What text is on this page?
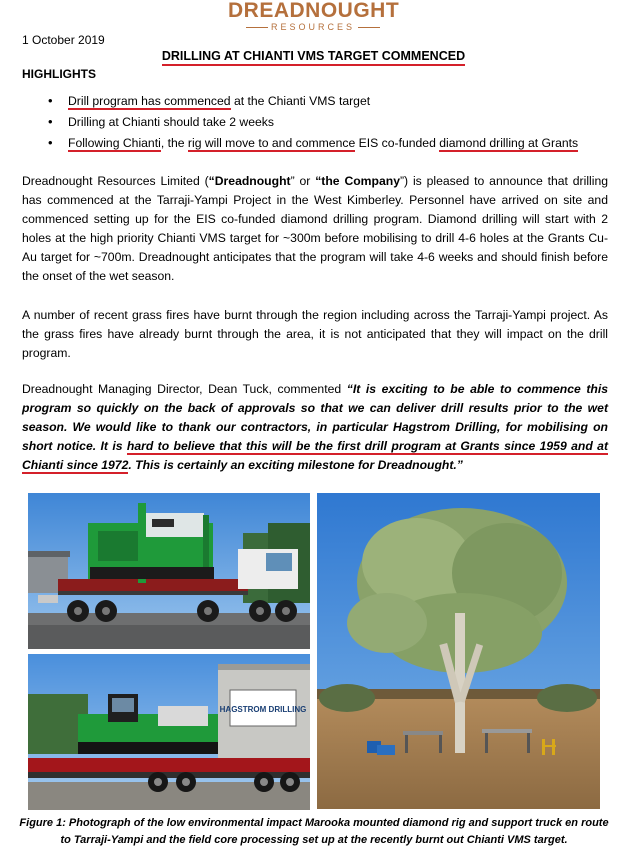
DREADNOUGHT
RESOURCES
1 October 2019
DRILLING AT CHIANTI VMS TARGET COMMENCED
HIGHLIGHTS
• Drill program has commenced at the Chianti VMS target
• Drilling at Chianti should take 2 weeks
• Following Chianti, the rig will move to and commence EIS co-funded diamond drilling at Grants

Dreadnought Resources Limited (“Dreadnought” or “the Company”) is pleased to announce that drilling has commenced at the Tarraji-Yampi Project in the West Kimberley. Personnel have arrived on site and commenced setting up for the EIS co-funded diamond drilling program. Diamond drilling will start with 2 holes at the high priority Chianti VMS target for ~300m before mobilising to drill 4-6 holes at the Grants Cu-Au target for ~700m. Dreadnought anticipates that the program will take 4-6 weeks and should finish before the onset of the wet season.

A number of recent grass fires have burnt through the region including across the Tarraji-Yampi project. As the grass fires have already burnt through the area, it is not anticipated that they will impact on the drill program.

Dreadnought Managing Director, Dean Tuck, commented “It is exciting to be able to commence this program so quickly on the back of approvals so that we can deliver drill results prior to the wet season. We would like to thank our contractors, in particular Hagstrom Drilling, for mobilising on short notice. It is hard to believe that this will be the first drill program at Grants since 1959 and at Chianti since 1972. This is certainly an exciting milestone for Dreadnought.”

HAGSTROM DRILLING
Figure 1: Photograph of the low environmental impact Marooka mounted diamond rig and support truck en route to Tarraji-Yampi and the field core processing set up at the recently burnt out Chianti VMS target.
